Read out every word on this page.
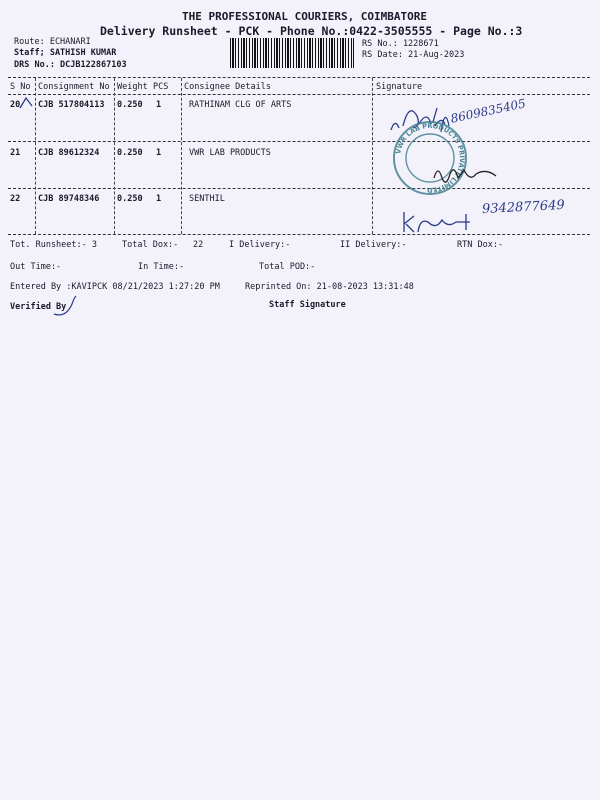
THE PROFESSIONAL COURIERS, COIMBATORE
Delivery Runsheet - PCK - Phone No.:0422-3505555 - Page No.:3
Route: ECHANARI
Staff; SATHISH KUMAR
DRS No.: DCJB122867103
RS No.: 1228671
RS Date: 21-Aug-2023
S No Consignment No Weight PCS Consignee Details	Signature
20 CJB 517804113 0.250 1	RATHINAM CLG OF ARTS
21 CJB 89612324 0.250 1	VWR LAB PRODUCTS
22 CJB 89748346 0.250 1	SENTHIL
8609835405
VWR LAB PRODUCTS PRIVATE LIMITED
9342877649
Tot. Runsheet:- 3	Total Dox:- 22	I Delivery:-	II Delivery:-	RTN Dox:-
Out Time:-	In Time:-	Total POD:-
Entered By :KAVIPCK 08/21/2023 1:27:20 PM	Reprinted On: 21-08-2023 13:31:48
Verified By	Staff Signature
